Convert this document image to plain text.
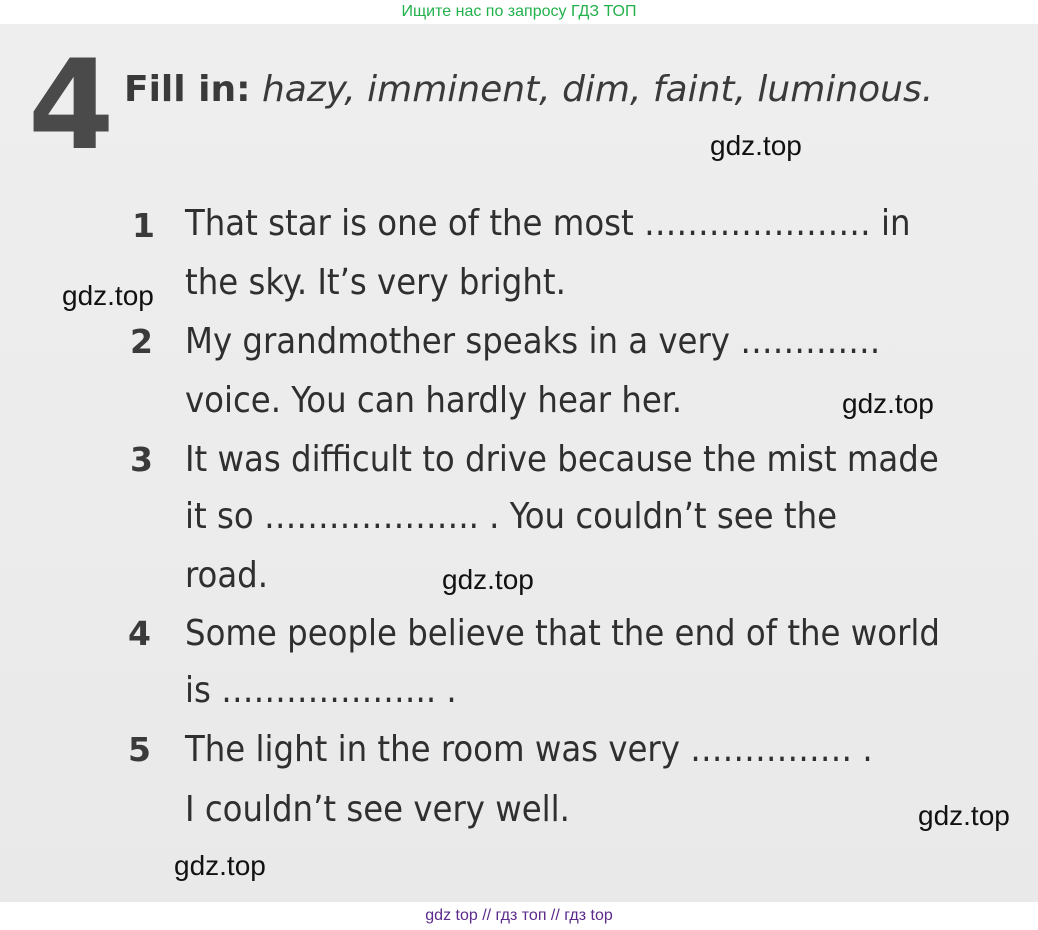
Ищите нас по запросу ГДЗ ТОП
4 Fill in: hazy, imminent, dim, faint, luminous.
1 That star is one of the most ………………… in
the sky. It’s very bright.
2 My grandmother speaks in a very ………….
voice. You can hardly hear her.
3 It was difficult to drive because the mist made
it so ……………….. . You couldn’t see the
road.
4 Some people believe that the end of the world
is ……………….. .
5 The light in the room was very …………… .
I couldn’t see very well.
gdz.top
gdz.top
gdz.top
gdz.top
gdz.top
gdz.top
gdz top // гдз топ // гдз top
